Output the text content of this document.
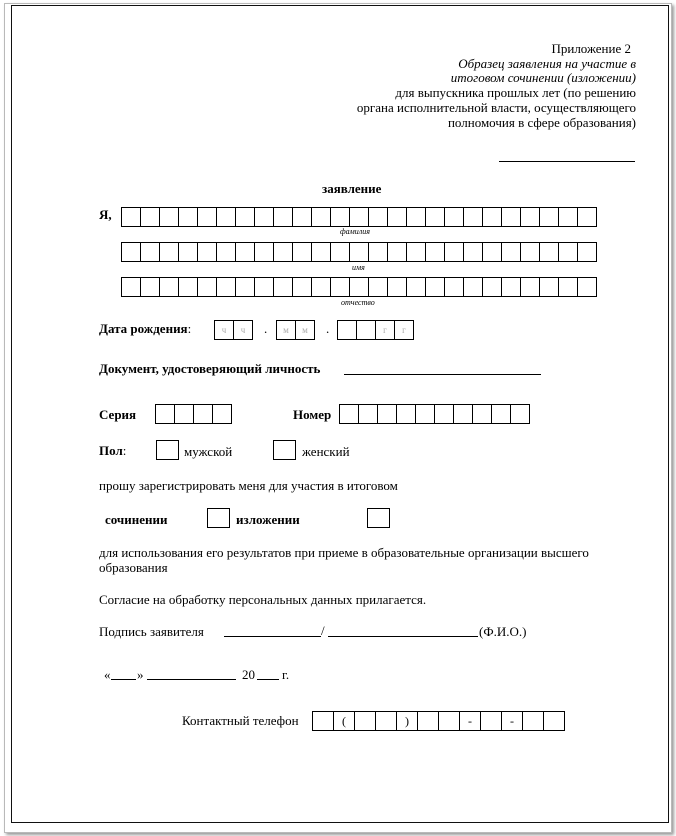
Приложение 2
Образец заявления на участие в
итоговом сочинении (изложении)
для выпускника прошлых лет (по решению
органа исполнительной власти, осуществляющего
полномочия в сфере образования)
заявление
Я,
фамилия
имя
отчество
Дата рождения:	ч	ч	.	м	м	.	г	г
Документ, удостоверяющий личность
Серия	Номер
Пол:	мужской	женский
прошу зарегистрировать меня для участия в итоговом
сочинении	изложении
для использования его результатов при приеме в образовательные организации высшего
образования
Согласие на обработку персональных данных прилагается.
Подпись заявителя	/	(Ф.И.О.)
« »	20 г.
Контактный телефон	(	)	-	-
